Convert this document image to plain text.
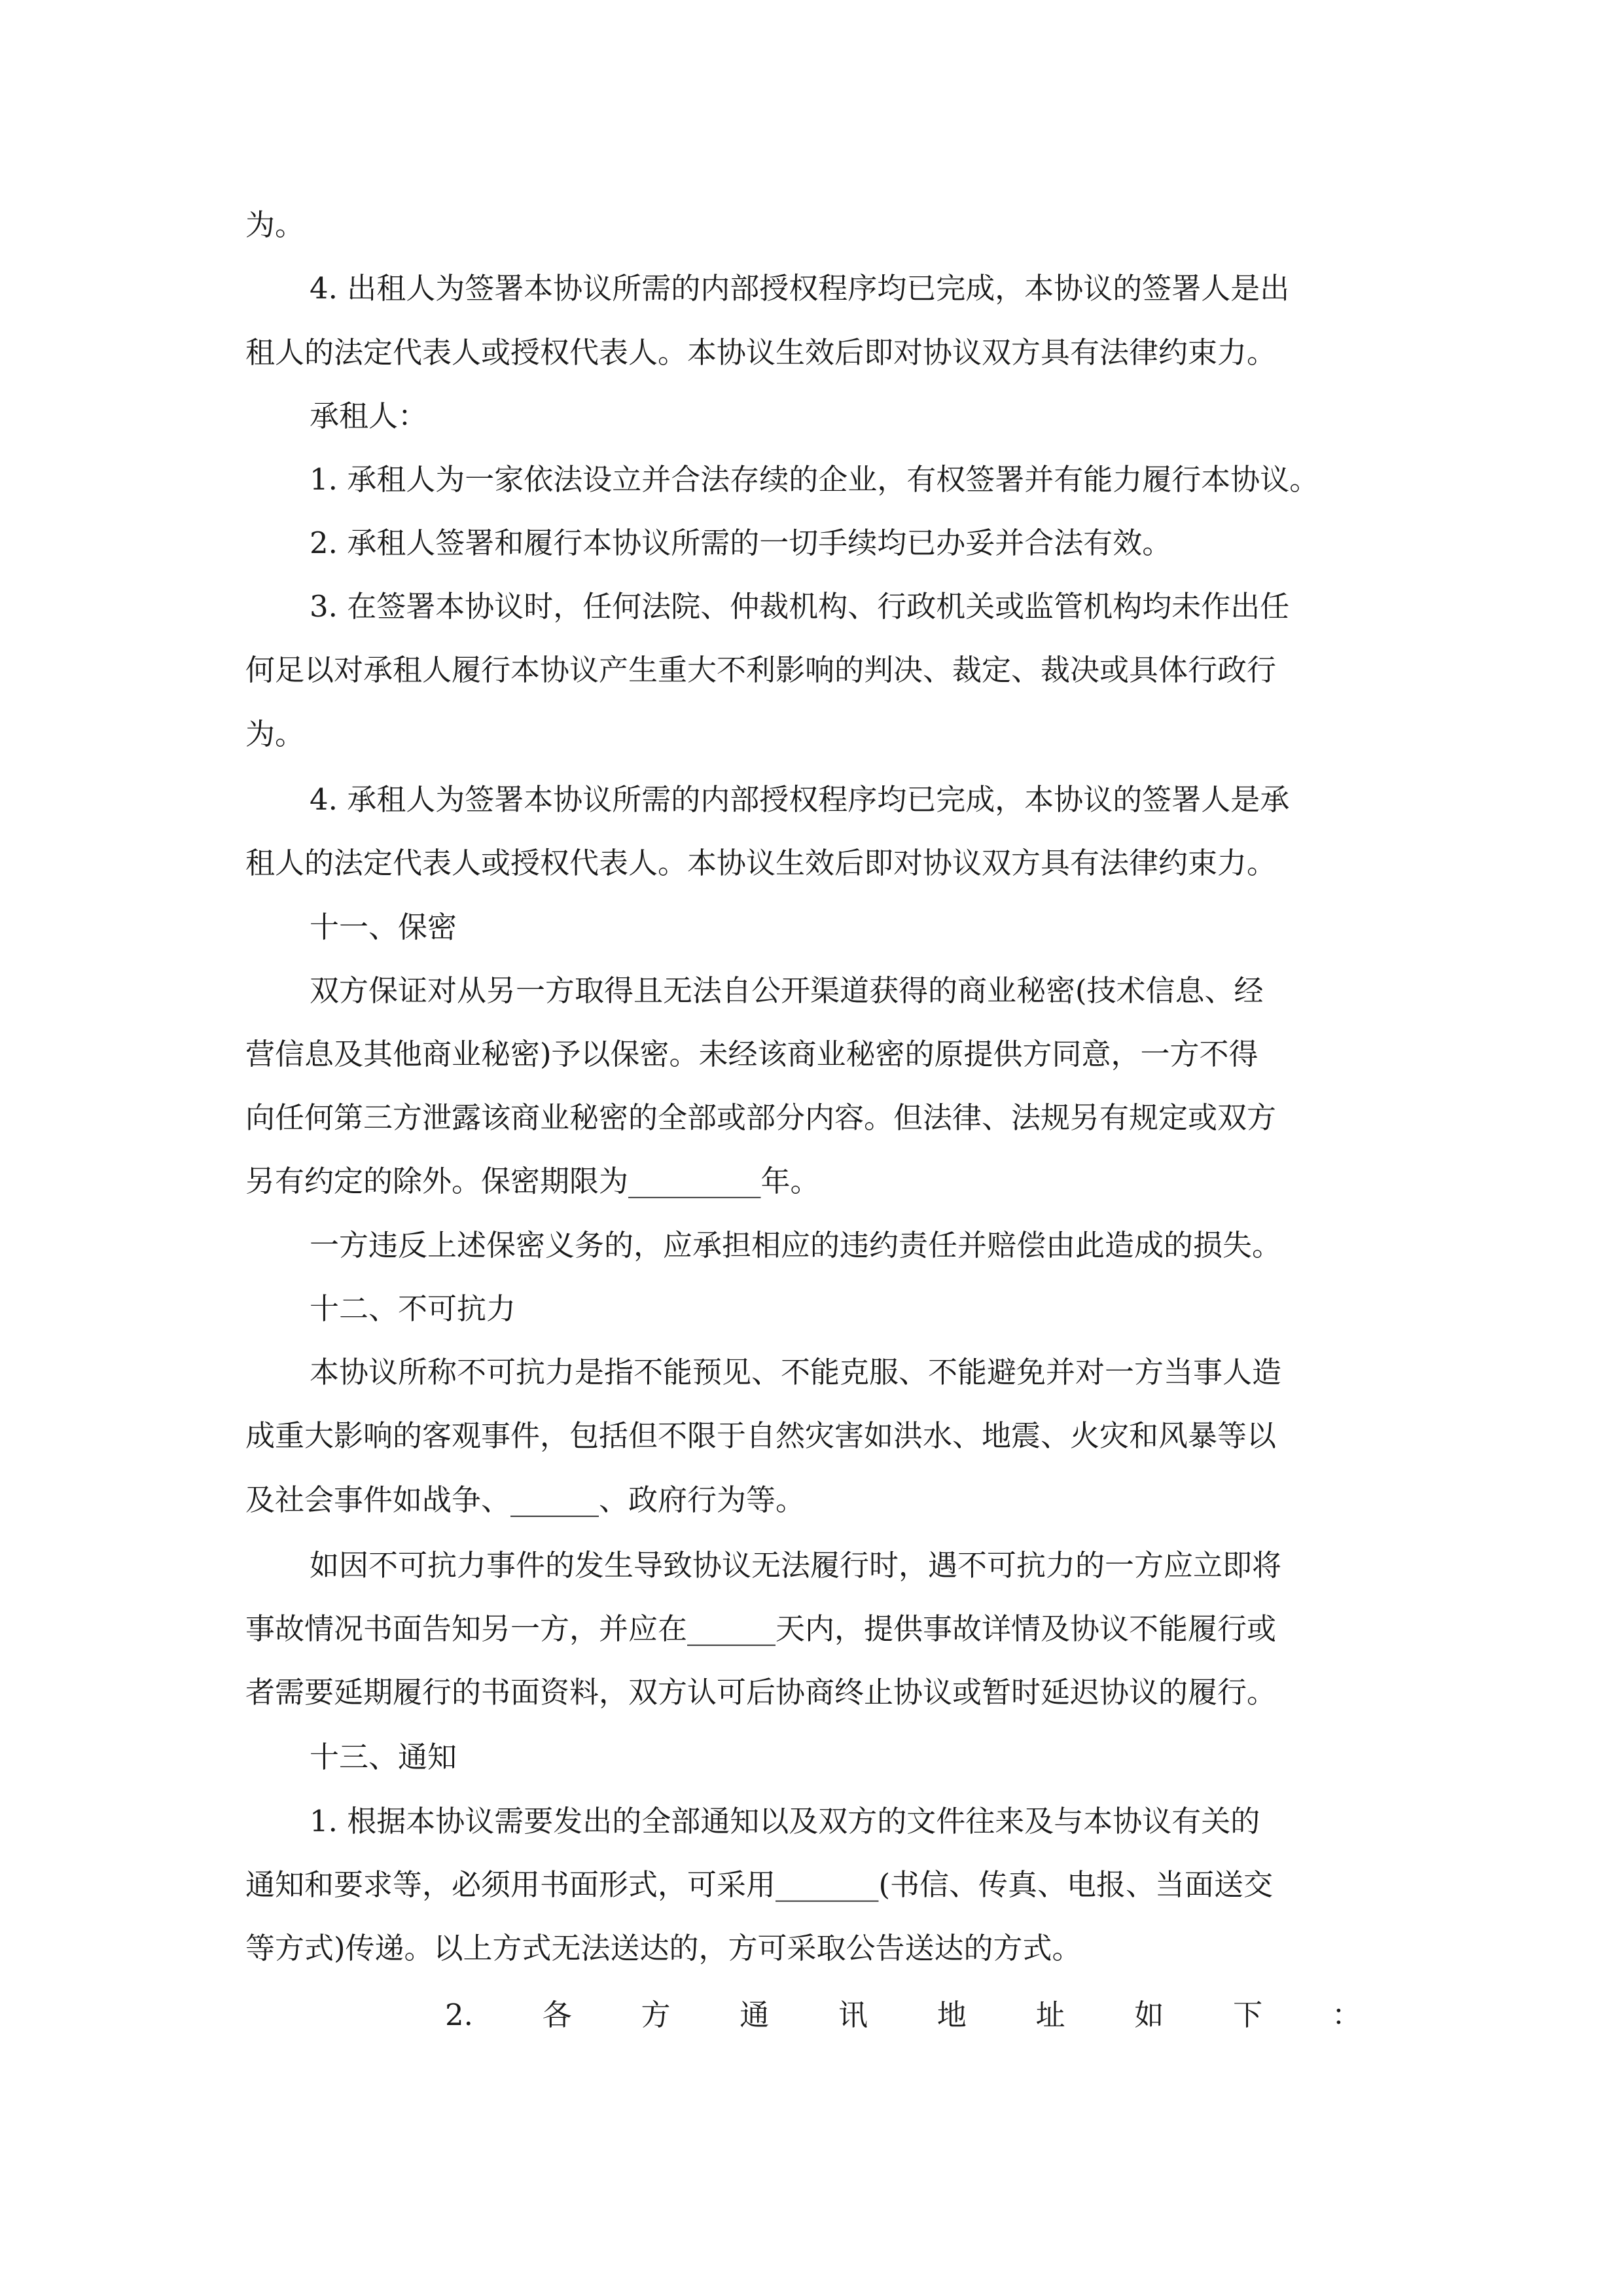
为。
4. 出租人为签署本协议所需的内部授权程序均已完成，本协议的签署人是出
租人的法定代表人或授权代表人。本协议生效后即对协议双方具有法律约束力。
承租人：
1. 承租人为一家依法设立并合法存续的企业，有权签署并有能力履行本协议。
2. 承租人签署和履行本协议所需的一切手续均已办妥并合法有效。
3. 在签署本协议时，任何法院、仲裁机构、行政机关或监管机构均未作出任
何足以对承租人履行本协议产生重大不利影响的判决、裁定、裁决或具体行政行
为。
4. 承租人为签署本协议所需的内部授权程序均已完成，本协议的签署人是承
租人的法定代表人或授权代表人。本协议生效后即对协议双方具有法律约束力。
十一、保密
双方保证对从另一方取得且无法自公开渠道获得的商业秘密(技术信息、经
营信息及其他商业秘密)予以保密。未经该商业秘密的原提供方同意，一方不得
向任何第三方泄露该商业秘密的全部或部分内容。但法律、法规另有规定或双方
另有约定的除外。保密期限为_________年。
一方违反上述保密义务的，应承担相应的违约责任并赔偿由此造成的损失。
十二、不可抗力
本协议所称不可抗力是指不能预见、不能克服、不能避免并对一方当事人造
成重大影响的客观事件，包括但不限于自然灾害如洪水、地震、火灾和风暴等以
及社会事件如战争、______、政府行为等。
如因不可抗力事件的发生导致协议无法履行时，遇不可抗力的一方应立即将
事故情况书面告知另一方，并应在______天内，提供事故详情及协议不能履行或
者需要延期履行的书面资料，双方认可后协商终止协议或暂时延迟协议的履行。
十三、通知
1. 根据本协议需要发出的全部通知以及双方的文件往来及与本协议有关的
通知和要求等，必须用书面形式，可采用_______(书信、传真、电报、当面送交
等方式)传递。以上方式无法送达的，方可采取公告送达的方式。
2. 各 方 通 讯 地 址 如 下 ：
